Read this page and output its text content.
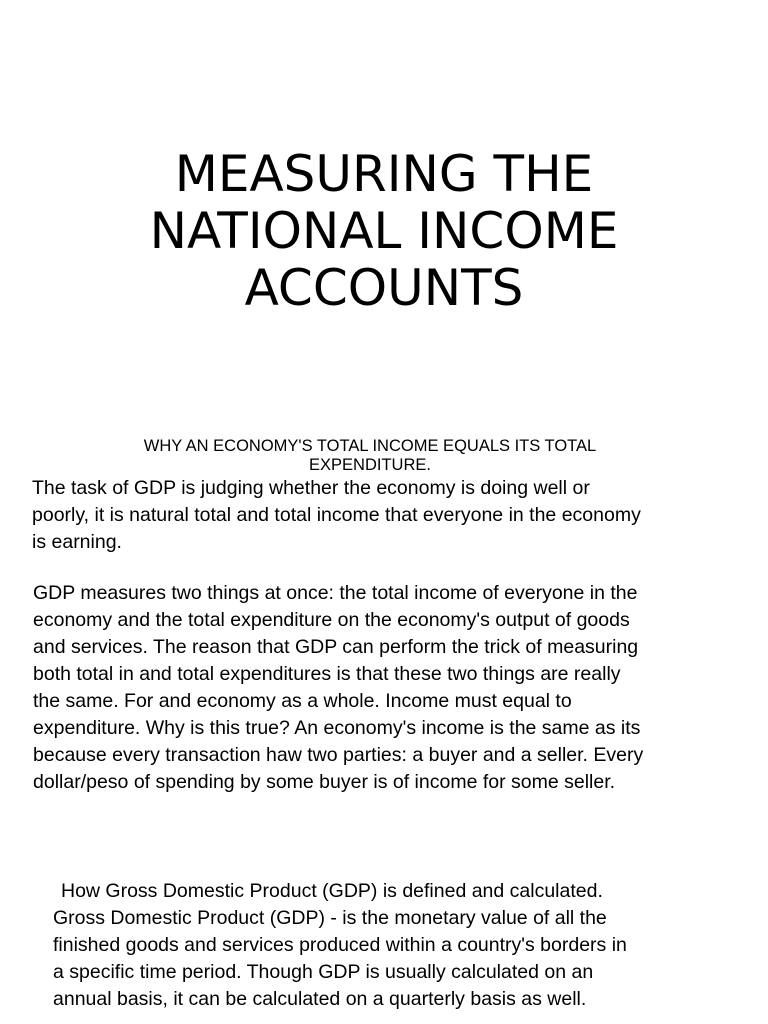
MEASURING THE
NATIONAL INCOME
ACCOUNTS
WHY AN ECONOMY'S TOTAL INCOME EQUALS ITS TOTAL
EXPENDITURE.

The task of GDP is judging whether the economy is doing well or
poorly, it is natural total and total income that everyone in the economy
is earning.

GDP measures two things at once: the total income of everyone in the
economy and the total expenditure on the economy's output of goods
and services. The reason that GDP can perform the trick of measuring
both total in and total expenditures is that these two things are really
the same. For and economy as a whole. Income must equal to
expenditure. Why is this true? An economy's income is the same as its
because every transaction haw two parties: a buyer and a seller. Every
dollar/peso of spending by some buyer is of income for some seller.

How Gross Domestic Product (GDP) is defined and calculated.
Gross Domestic Product (GDP) - is the monetary value of all the
finished goods and services produced within a country's borders in
a specific time period. Though GDP is usually calculated on an
annual basis, it can be calculated on a quarterly basis as well.
